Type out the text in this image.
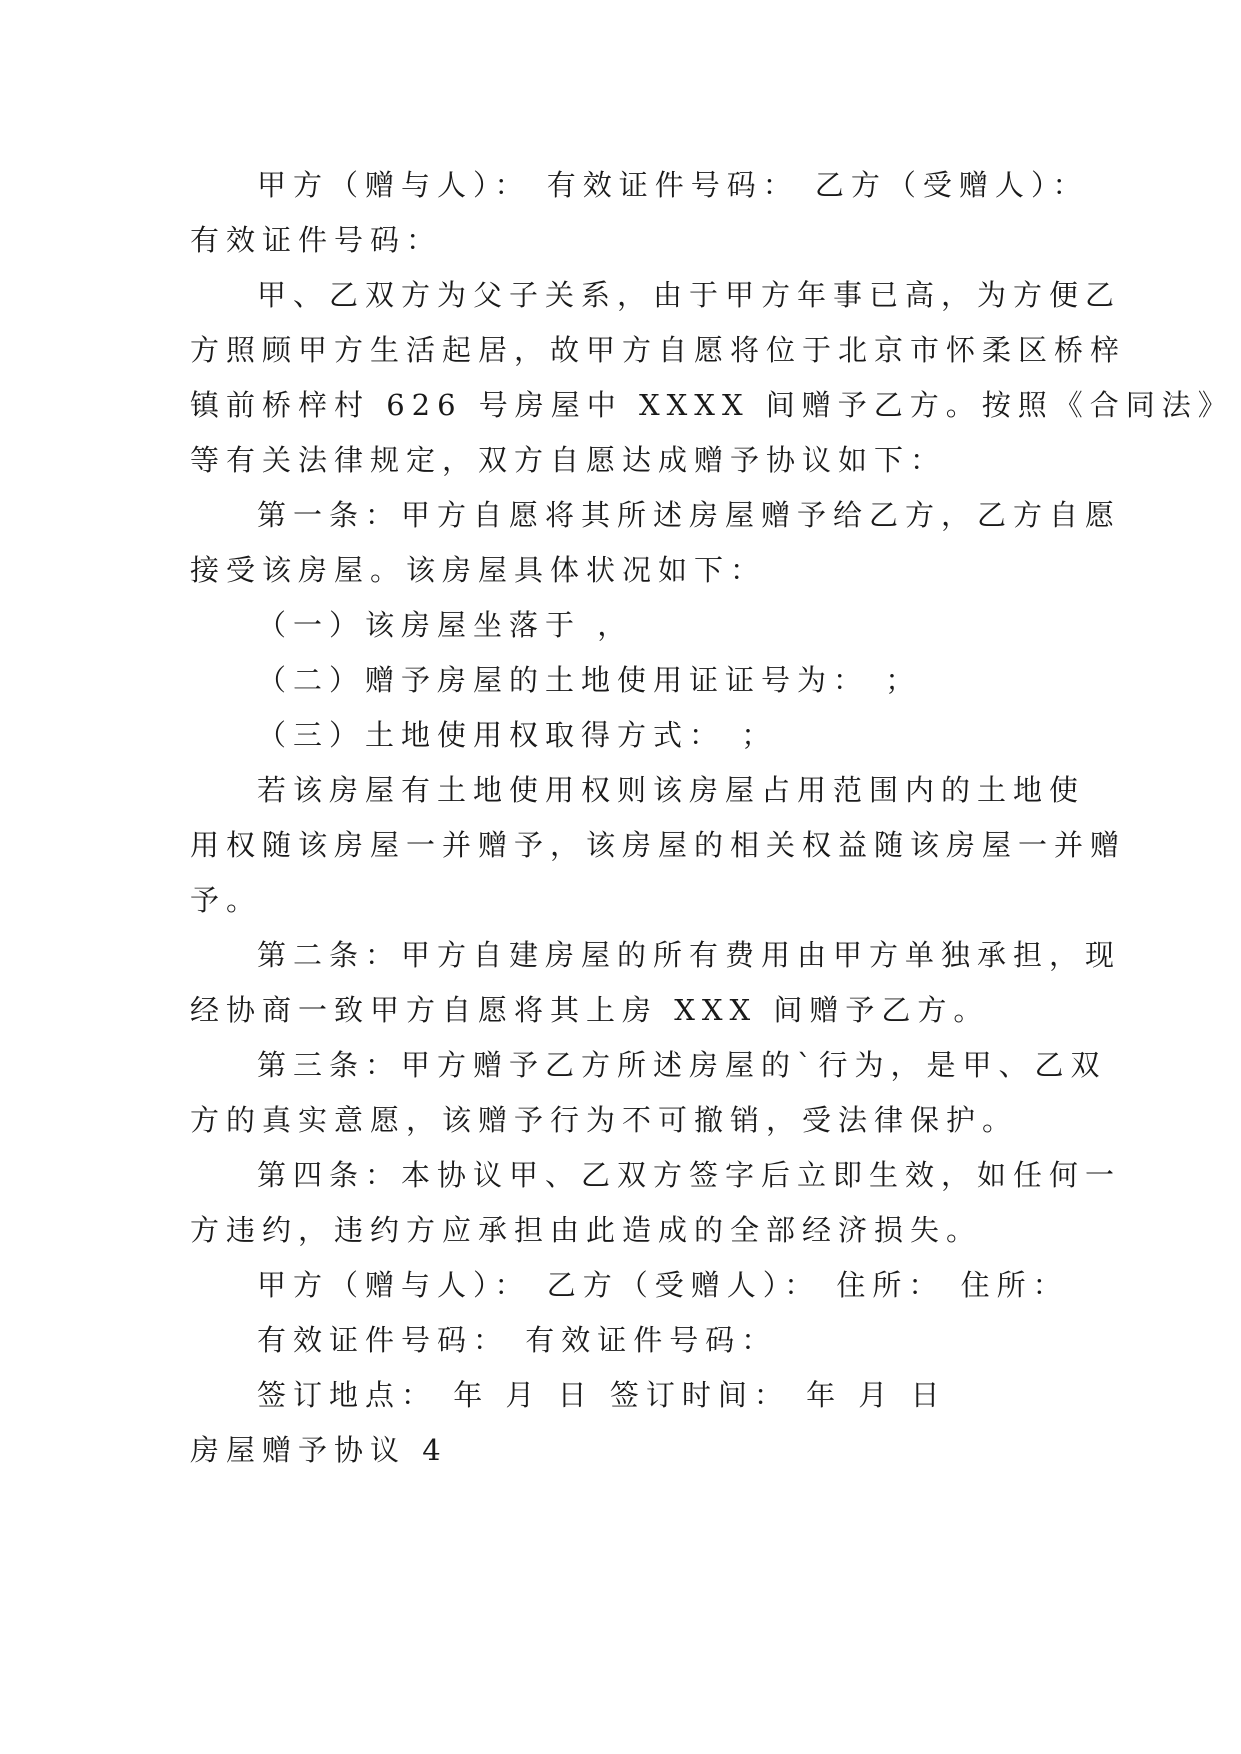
甲方（赠与人）： 有效证件号码： 乙方（受赠人）：
有效证件号码：
甲、乙双方为父子关系，由于甲方年事已高，为方便乙
方照顾甲方生活起居，故甲方自愿将位于北京市怀柔区桥梓
镇前桥梓村 626 号房屋中 XXXX 间赠予乙方。按照《合同法》
等有关法律规定，双方自愿达成赠予协议如下：
第一条：甲方自愿将其所述房屋赠予给乙方，乙方自愿
接受该房屋。该房屋具体状况如下：
（一）该房屋坐落于 ，
（二）赠予房屋的土地使用证证号为： ；
（三）土地使用权取得方式： ；
若该房屋有土地使用权则该房屋占用范围内的土地使
用权随该房屋一并赠予，该房屋的相关权益随该房屋一并赠
予。
第二条：甲方自建房屋的所有费用由甲方单独承担，现
经协商一致甲方自愿将其上房 XXX 间赠予乙方。
第三条：甲方赠予乙方所述房屋的`行为，是甲、乙双
方的真实意愿，该赠予行为不可撤销，受法律保护。
第四条：本协议甲、乙双方签字后立即生效，如任何一
方违约，违约方应承担由此造成的全部经济损失。
甲方（赠与人）： 乙方（受赠人）： 住所： 住所：
有效证件号码： 有效证件号码：
签订地点： 年 月 日 签订时间： 年 月 日
房屋赠予协议 4
